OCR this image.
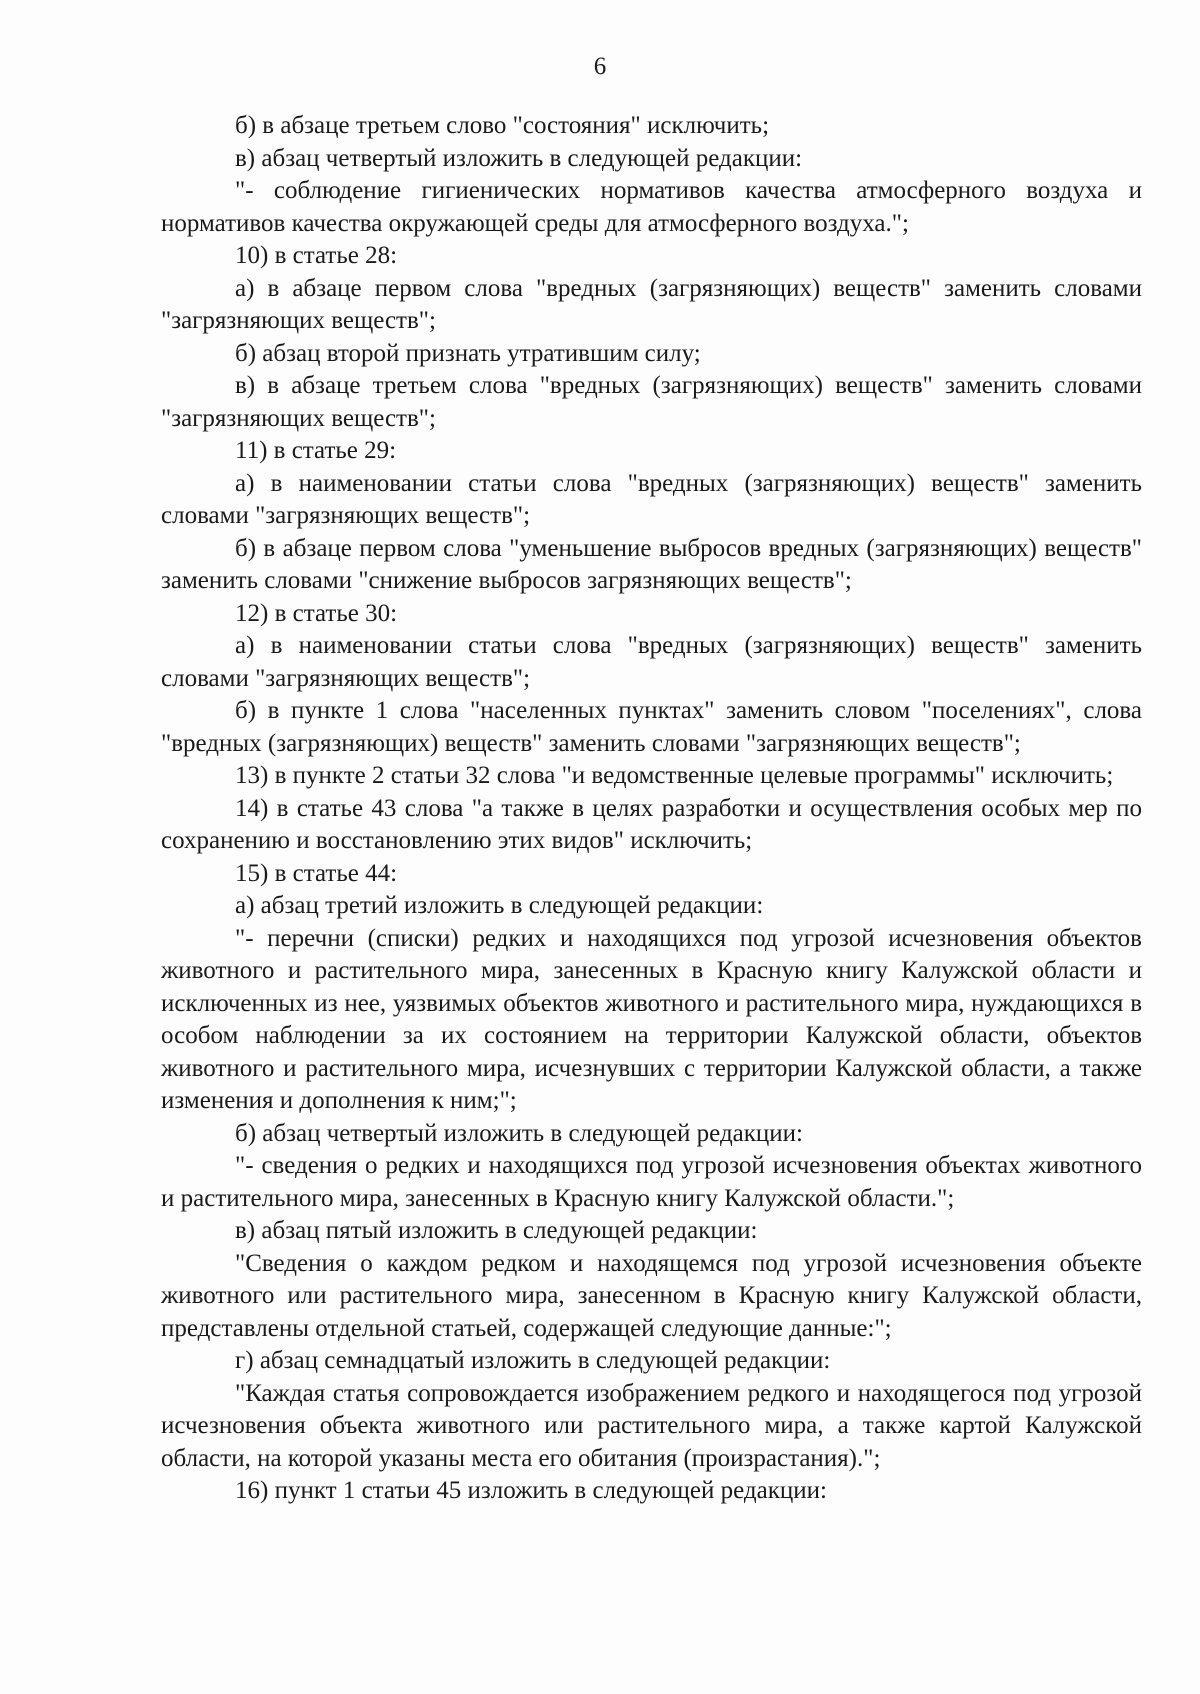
6

б) в абзаце третьем слово "состояния" исключить;

в) абзац четвертый изложить в следующей редакции:

"- соблюдение гигиенических нормативов качества атмосферного воздуха и нормативов качества окружающей среды для атмосферного воздуха.";

10) в статье 28:

а) в абзаце первом слова "вредных (загрязняющих) веществ" заменить словами "загрязняющих веществ";

б) абзац второй признать утратившим силу;

в) в абзаце третьем слова "вредных (загрязняющих) веществ" заменить словами "загрязняющих веществ";

11) в статье 29:

а) в наименовании статьи слова "вредных (загрязняющих) веществ" заменить словами "загрязняющих веществ";

б) в абзаце первом слова "уменьшение выбросов вредных (загрязняющих) веществ" заменить словами "снижение выбросов загрязняющих веществ";

12) в статье 30:

а) в наименовании статьи слова "вредных (загрязняющих) веществ" заменить словами "загрязняющих веществ";

б) в пункте 1 слова "населенных пунктах" заменить словом "поселениях", слова "вредных (загрязняющих) веществ" заменить словами "загрязняющих веществ";

13) в пункте 2 статьи 32 слова "и ведомственные целевые программы" исключить;

14) в статье 43 слова "а также в целях разработки и осуществления особых мер по сохранению и восстановлению этих видов" исключить;

15) в статье 44:

а) абзац третий изложить в следующей редакции:

"- перечни (списки) редких и находящихся под угрозой исчезновения объектов животного и растительного мира, занесенных в Красную книгу Калужской области и исключенных из нее, уязвимых объектов животного и растительного мира, нуждающихся в особом наблюдении за их состоянием на территории Калужской области, объектов животного и растительного мира, исчезнувших с территории Калужской области, а также изменения и дополнения к ним;";

б) абзац четвертый изложить в следующей редакции:

"- сведения о редких и находящихся под угрозой исчезновения объектах животного и растительного мира, занесенных в Красную книгу Калужской области.";

в) абзац пятый изложить в следующей редакции:

"Сведения о каждом редком и находящемся под угрозой исчезновения объекте животного или растительного мира, занесенном в Красную книгу Калужской области, представлены отдельной статьей, содержащей следующие данные:";

г) абзац семнадцатый изложить в следующей редакции:

"Каждая статья сопровождается изображением редкого и находящегося под угрозой исчезновения объекта животного или растительного мира, а также картой Калужской области, на которой указаны места его обитания (произрастания).";

16) пункт 1 статьи 45 изложить в следующей редакции:
